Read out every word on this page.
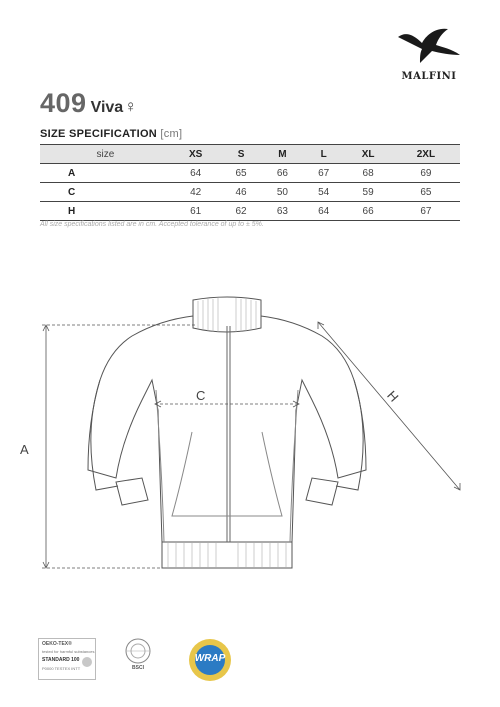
MALFINI
409 Viva♀
SIZE SPECIFICATION [cm]
size	XS	S	M	L	XL	2XL
A	64	65	66	67	68	69
C	42	46	50	54	59	65
H	61	62	63	64	66	67
All size specifications listed are in cm. Accepted tolerance of up to ± 5%.
A
C	H
OEKO-TEX®
tested for harmful substances
STANDARD 100
P0000 TESTEX INTT	BSCI
WRAP
